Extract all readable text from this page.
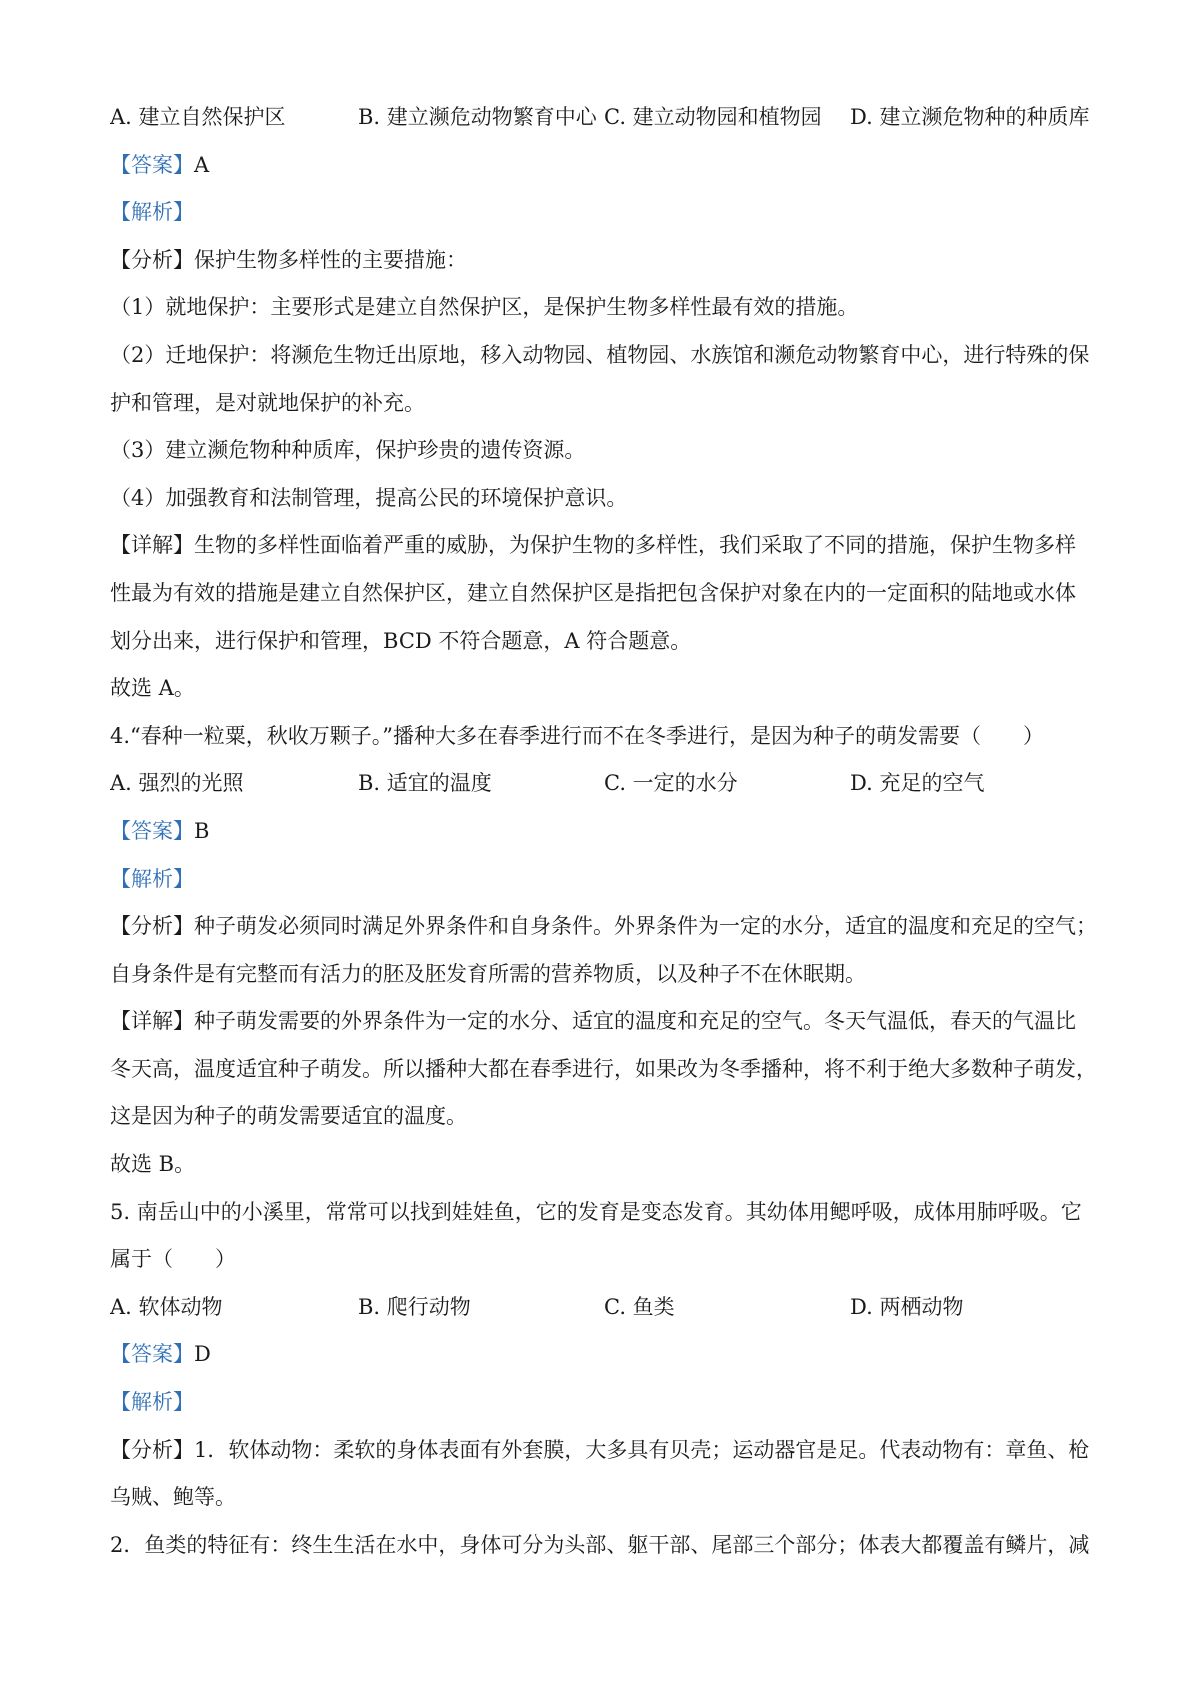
A. 建立自然保护区	B. 建立濒危动物繁育中心 C. 建立动物园和植物园 D. 建立濒危物种的种质库
【答案】A
【解析】
【分析】保护生物多样性的主要措施：
（1）就地保护：主要形式是建立自然保护区，是保护生物多样性最有效的措施。
（2）迁地保护：将濒危生物迁出原地，移入动物园、植物园、水族馆和濒危动物繁育中心，进行特殊的保
护和管理，是对就地保护的补充。
（3）建立濒危物种种质库，保护珍贵的遗传资源。
（4）加强教育和法制管理，提高公民的环境保护意识。
【详解】生物的多样性面临着严重的威胁，为保护生物的多样性，我们采取了不同的措施，保护生物多样
性最为有效的措施是建立自然保护区，建立自然保护区是指把包含保护对象在内的一定面积的陆地或水体
划分出来，进行保护和管理，BCD 不符合题意，A 符合题意。
故选 A。
4.“春种一粒粟，秋收万颗子。”播种大多在春季进行而不在冬季进行，是因为种子的萌发需要（　　）
A. 强烈的光照	B. 适宜的温度	C. 一定的水分	D. 充足的空气
【答案】B
【解析】
【分析】种子萌发必须同时满足外界条件和自身条件。外界条件为一定的水分，适宜的温度和充足的空气；
自身条件是有完整而有活力的胚及胚发育所需的营养物质，以及种子不在休眠期。
【详解】种子萌发需要的外界条件为一定的水分、适宜的温度和充足的空气。冬天气温低，春天的气温比
冬天高，温度适宜种子萌发。所以播种大都在春季进行，如果改为冬季播种，将不利于绝大多数种子萌发，
这是因为种子的萌发需要适宜的温度。
故选 B。
5. 南岳山中的小溪里，常常可以找到娃娃鱼，它的发育是变态发育。其幼体用鳃呼吸，成体用肺呼吸。它
属于（　　）
A. 软体动物	B. 爬行动物	C. 鱼类	D. 两栖动物
【答案】D
【解析】
【分析】1．软体动物：柔软的身体表面有外套膜，大多具有贝壳；运动器官是足。代表动物有：章鱼、枪
乌贼、鲍等。
2．鱼类的特征有：终生生活在水中，身体可分为头部、躯干部、尾部三个部分；体表大都覆盖有鳞片，减
